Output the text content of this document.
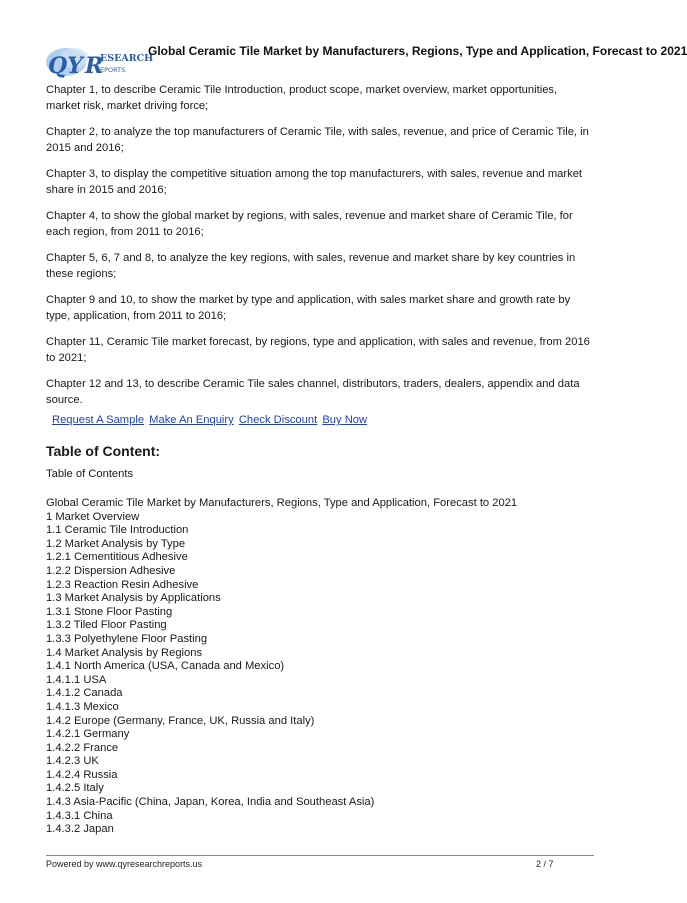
QY R
ESEARCH
EPORTS
Global Ceramic Tile Market by Manufacturers, Regions, Type and Application, Forecast to 2021

Chapter 1, to describe Ceramic Tile Introduction, product scope, market overview, market opportunities, market risk, market driving force;

Chapter 2, to analyze the top manufacturers of Ceramic Tile, with sales, revenue, and price of Ceramic Tile, in 2015 and 2016;

Chapter 3, to display the competitive situation among the top manufacturers, with sales, revenue and market share in 2015 and 2016;

Chapter 4, to show the global market by regions, with sales, revenue and market share of Ceramic Tile, for each region, from 2011 to 2016;

Chapter 5, 6, 7 and 8, to analyze the key regions, with sales, revenue and market share by key countries in these regions;

Chapter 9 and 10, to show the market by type and application, with sales market share and growth rate by type, application, from 2011 to 2016;

Chapter 11, Ceramic Tile market forecast, by regions, type and application, with sales and revenue, from 2016 to 2021;

Chapter 12 and 13, to describe Ceramic Tile sales channel, distributors, traders, dealers, appendix and data source.

Request A Sample Make An Enquiry Check Discount Buy Now
Table of Content:
Table of Contents
Global Ceramic Tile Market by Manufacturers, Regions, Type and Application, Forecast to 2021
1 Market Overview
1.1 Ceramic Tile Introduction
1.2 Market Analysis by Type
1.2.1 Cementitious Adhesive
1.2.2 Dispersion Adhesive
1.2.3 Reaction Resin Adhesive
1.3 Market Analysis by Applications
1.3.1 Stone Floor Pasting
1.3.2 Tiled Floor Pasting
1.3.3 Polyethylene Floor Pasting
1.4 Market Analysis by Regions
1.4.1 North America (USA, Canada and Mexico)
1.4.1.1 USA
1.4.1.2 Canada
1.4.1.3 Mexico
1.4.2 Europe (Germany, France, UK, Russia and Italy)
1.4.2.1 Germany
1.4.2.2 France
1.4.2.3 UK
1.4.2.4 Russia
1.4.2.5 Italy
1.4.3 Asia-Pacific (China, Japan, Korea, India and Southeast Asia)
1.4.3.1 China
1.4.3.2 Japan
Powered by www.qyresearchreports.us	2 / 7
